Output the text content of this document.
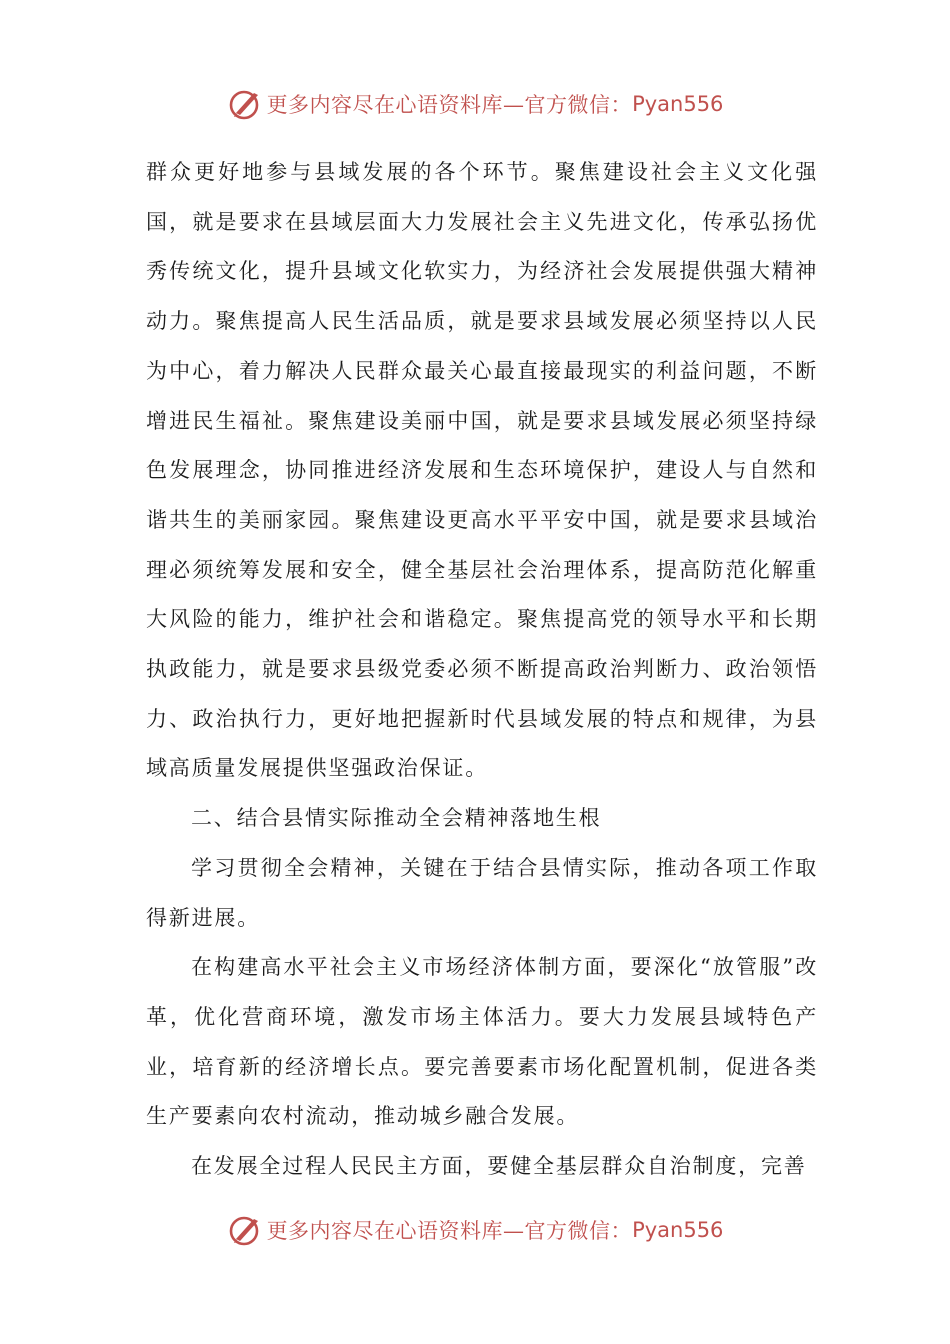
更多内容尽在心语资料库—官方微信： Pyan556

群众更好地参与县域发展的各个环节。聚焦建设社会主义文化强国，就是要求在县域层面大力发展社会主义先进文化，传承弘扬优秀传统文化，提升县域文化软实力，为经济社会发展提供强大精神动力。聚焦提高人民生活品质，就是要求县域发展必须坚持以人民为中心，着力解决人民群众最关心最直接最现实的利益问题，不断增进民生福祉。聚焦建设美丽中国，就是要求县域发展必须坚持绿色发展理念，协同推进经济发展和生态环境保护，建设人与自然和谐共生的美丽家园。聚焦建设更高水平平安中国，就是要求县域治理必须统筹发展和安全，健全基层社会治理体系，提高防范化解重大风险的能力，维护社会和谐稳定。聚焦提高党的领导水平和长期执政能力，就是要求县级党委必须不断提高政治判断力、政治领悟力、政治执行力，更好地把握新时代县域发展的特点和规律，为县域高质量发展提供坚强政治保证。

二、结合县情实际推动全会精神落地生根

学习贯彻全会精神，关键在于结合县情实际，推动各项工作取得新进展。

在构建高水平社会主义市场经济体制方面，要深化“放管服”改革，优化营商环境，激发市场主体活力。要大力发展县域特色产业，培育新的经济增长点。要完善要素市场化配置机制，促进各类生产要素向农村流动，推动城乡融合发展。

在发展全过程人民民主方面，要健全基层群众自治制度，完善

更多内容尽在心语资料库—官方微信： Pyan556
